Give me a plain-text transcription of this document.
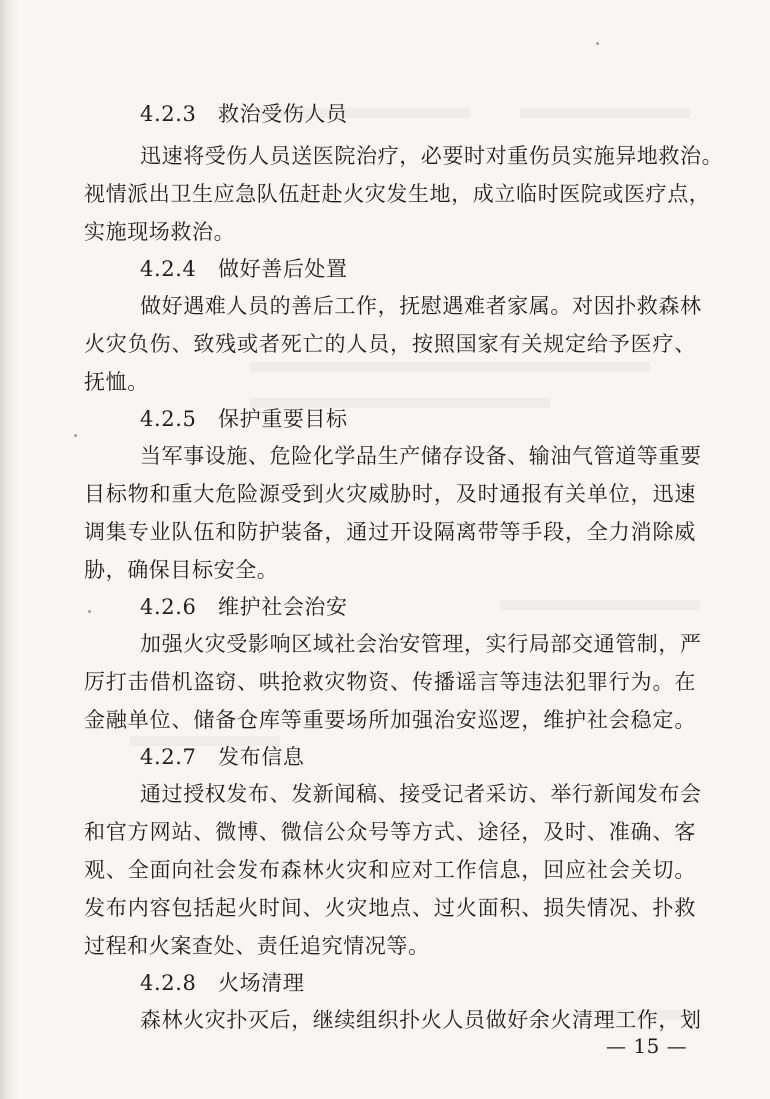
4.2.3　救治受伤人员
迅速将受伤人员送医院治疗，必要时对重伤员实施异地救治。
视情派出卫生应急队伍赶赴火灾发生地，成立临时医院或医疗点，
实施现场救治。
4.2.4　做好善后处置
做好遇难人员的善后工作，抚慰遇难者家属。对因扑救森林
火灾负伤、致残或者死亡的人员，按照国家有关规定给予医疗、
抚恤。
4.2.5　保护重要目标
当军事设施、危险化学品生产储存设备、输油气管道等重要
目标物和重大危险源受到火灾威胁时，及时通报有关单位，迅速
调集专业队伍和防护装备，通过开设隔离带等手段，全力消除威
胁，确保目标安全。
4.2.6　维护社会治安
加强火灾受影响区域社会治安管理，实行局部交通管制，严
厉打击借机盗窃、哄抢救灾物资、传播谣言等违法犯罪行为。在
金融单位、储备仓库等重要场所加强治安巡逻，维护社会稳定。
4.2.7　发布信息
通过授权发布、发新闻稿、接受记者采访、举行新闻发布会
和官方网站、微博、微信公众号等方式、途径，及时、准确、客
观、全面向社会发布森林火灾和应对工作信息，回应社会关切。
发布内容包括起火时间、火灾地点、过火面积、损失情况、扑救
过程和火案查处、责任追究情况等。
4.2.8　火场清理
森林火灾扑灭后，继续组织扑火人员做好余火清理工作，划
— 15 —
